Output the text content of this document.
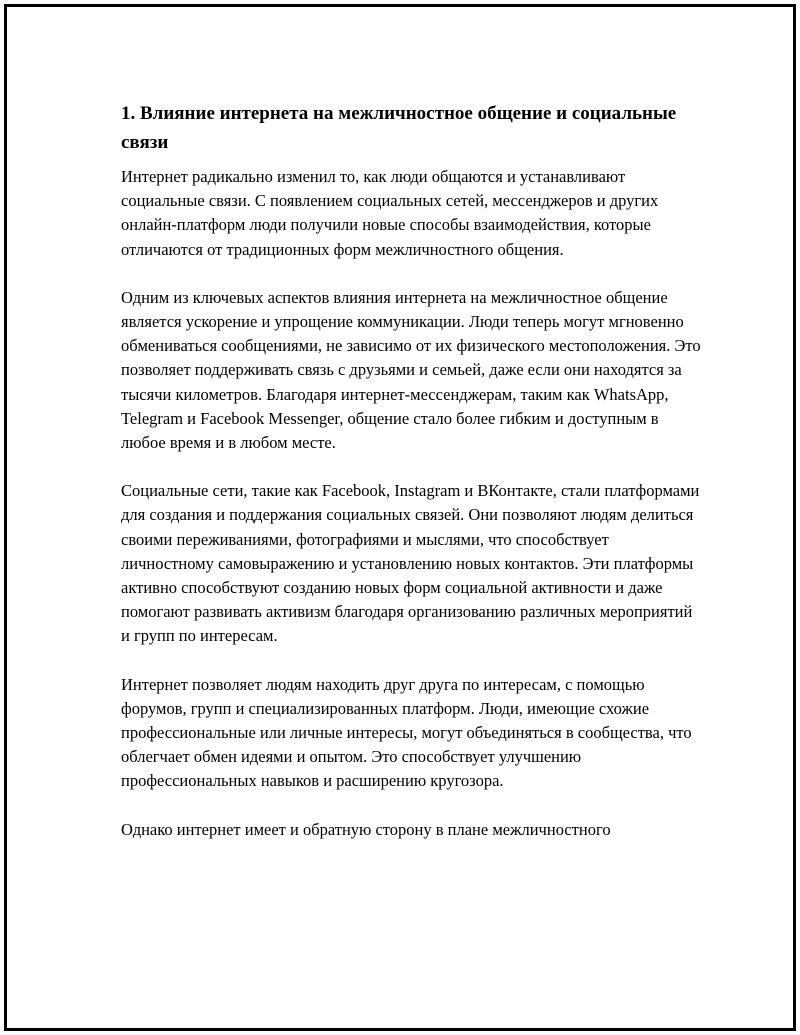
1. Влияние интернета на межличностное общение и социальные связи

Интернет радикально изменил то, как люди общаются и устанавливают социальные связи. С появлением социальных сетей, мессенджеров и других онлайн-платформ люди получили новые способы взаимодействия, которые отличаются от традиционных форм межличностного общения.

Одним из ключевых аспектов влияния интернета на межличностное общение является ускорение и упрощение коммуникации. Люди теперь могут мгновенно обмениваться сообщениями, не зависимо от их физического местоположения. Это позволяет поддерживать связь с друзьями и семьей, даже если они находятся за тысячи километров. Благодаря интернет-мессенджерам, таким как WhatsApp, Telegram и Facebook Messenger, общение стало более гибким и доступным в любое время и в любом месте.

Социальные сети, такие как Facebook, Instagram и ВКонтакте, стали платформами для создания и поддержания социальных связей. Они позволяют людям делиться своими переживаниями, фотографиями и мыслями, что способствует личностному самовыражению и установлению новых контактов. Эти платформы активно способствуют созданию новых форм социальной активности и даже помогают развивать активизм благодаря организованию различных мероприятий и групп по интересам.

Интернет позволяет людям находить друг друга по интересам, с помощью форумов, групп и специализированных платформ. Люди, имеющие схожие профессиональные или личные интересы, могут объединяться в сообщества, что облегчает обмен идеями и опытом. Это способствует улучшению профессиональных навыков и расширению кругозора.

Однако интернет имеет и обратную сторону в плане межличностного
